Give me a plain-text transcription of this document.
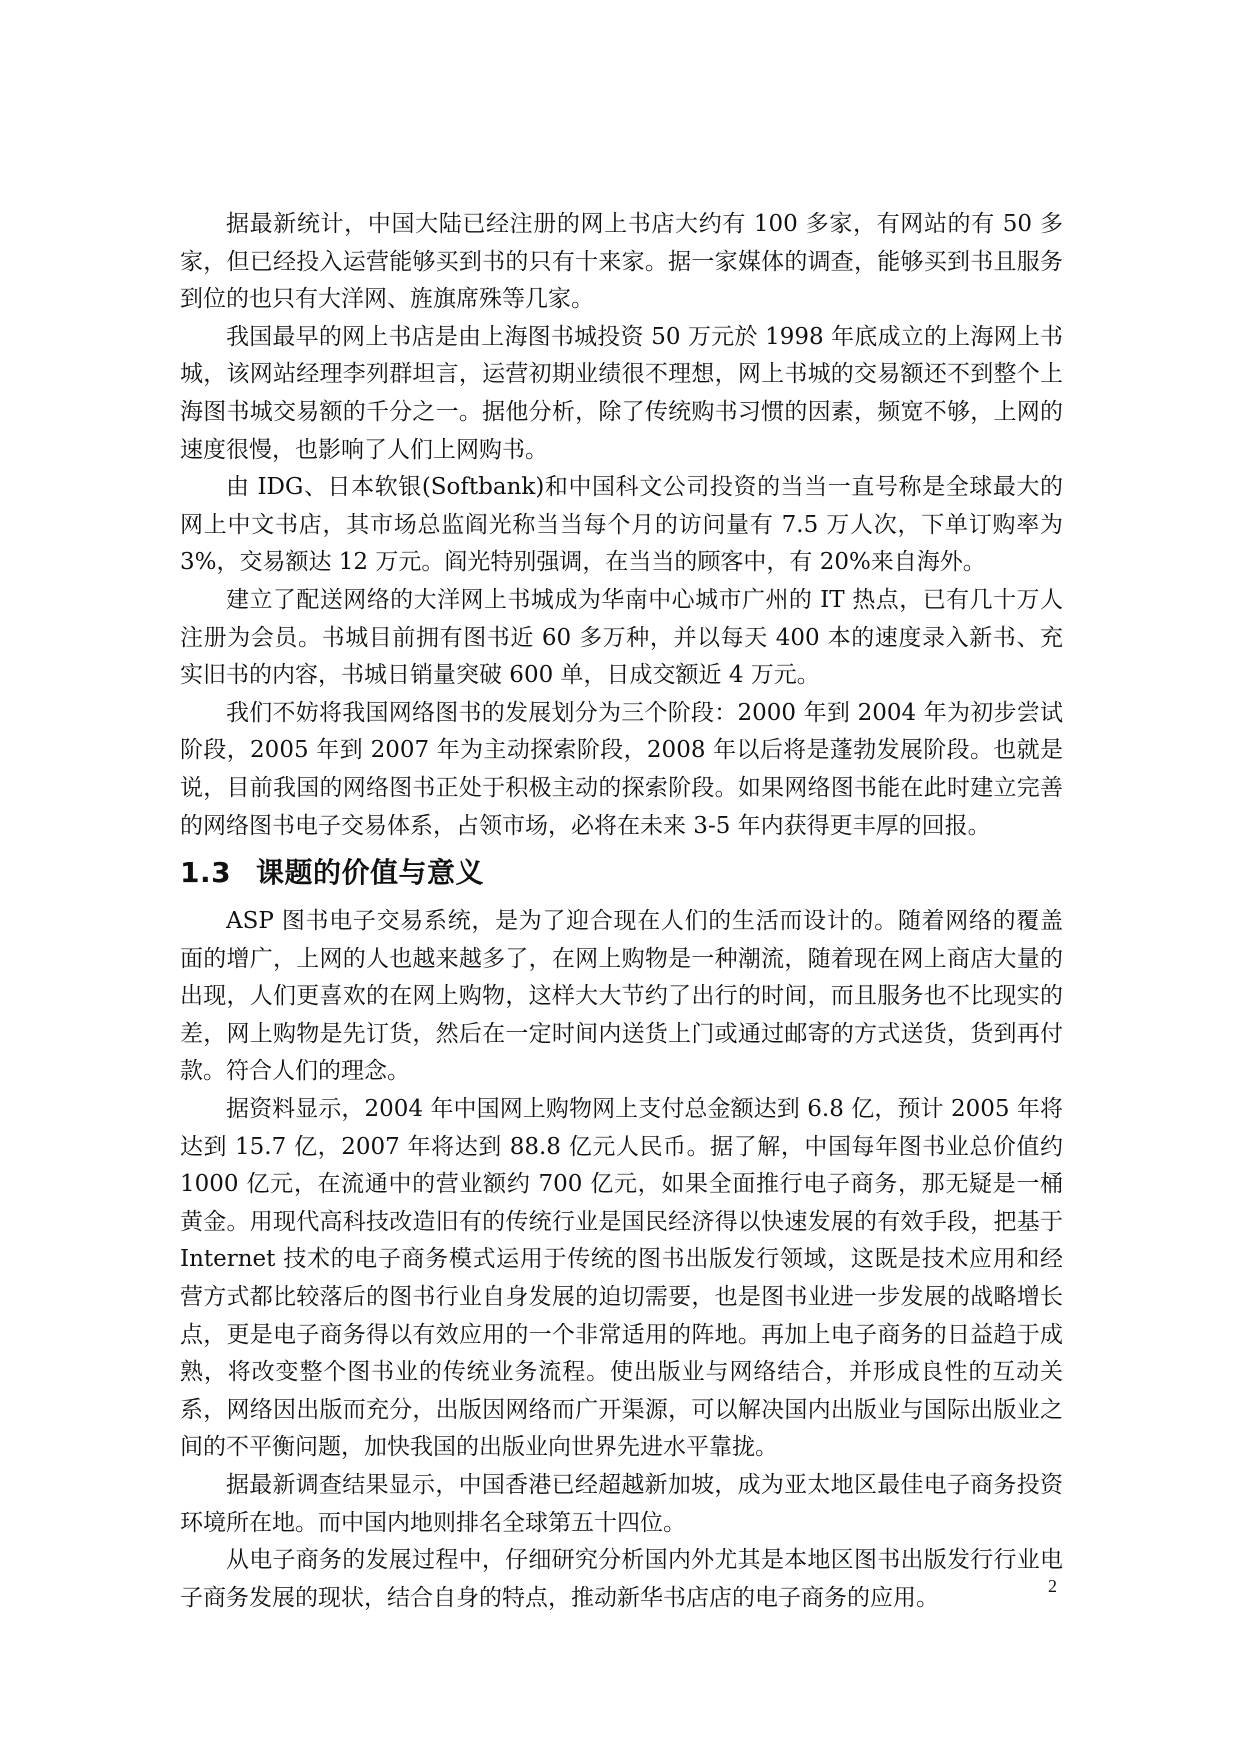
据最新统计，中国大陆已经注册的网上书店大约有 100 多家，有网站的有 50 多家，但已经投入运营能够买到书的只有十来家。据一家媒体的调查，能够买到书且服务到位的也只有大洋网、旌旗席殊等几家。

我国最早的网上书店是由上海图书城投资 50 万元於 1998 年底成立的上海网上书城，该网站经理李列群坦言，运营初期业绩很不理想，网上书城的交易额还不到整个上海图书城交易额的千分之一。据他分析，除了传统购书习惯的因素，频宽不够，上网的速度很慢，也影响了人们上网购书。

由 IDG、日本软银(Softbank)和中国科文公司投资的当当一直号称是全球最大的网上中文书店，其市场总监阎光称当当每个月的访问量有 7.5 万人次，下单订购率为 3%，交易额达 12 万元。阎光特别强调，在当当的顾客中，有 20%来自海外。

建立了配送网络的大洋网上书城成为华南中心城市广州的 IT 热点，已有几十万人注册为会员。书城目前拥有图书近 60 多万种，并以每天 400 本的速度录入新书、充实旧书的内容，书城日销量突破 600 单，日成交额近 4 万元。

我们不妨将我国网络图书的发展划分为三个阶段：2000 年到 2004 年为初步尝试阶段，2005 年到 2007 年为主动探索阶段，2008 年以后将是蓬勃发展阶段。也就是说，目前我国的网络图书正处于积极主动的探索阶段。如果网络图书能在此时建立完善的网络图书电子交易体系，占领市场，必将在未来 3-5 年内获得更丰厚的回报。

1.3 课题的价值与意义

ASP 图书电子交易系统，是为了迎合现在人们的生活而设计的。随着网络的覆盖面的增广，上网的人也越来越多了，在网上购物是一种潮流，随着现在网上商店大量的出现，人们更喜欢的在网上购物，这样大大节约了出行的时间，而且服务也不比现实的差，网上购物是先订货，然后在一定时间内送货上门或通过邮寄的方式送货，货到再付款。符合人们的理念。

据资料显示，2004 年中国网上购物网上支付总金额达到 6.8 亿，预计 2005 年将达到 15.7 亿，2007 年将达到 88.8 亿元人民币。据了解，中国每年图书业总价值约 1000 亿元，在流通中的营业额约 700 亿元，如果全面推行电子商务，那无疑是一桶黄金。用现代高科技改造旧有的传统行业是国民经济得以快速发展的有效手段，把基于 Internet 技术的电子商务模式运用于传统的图书出版发行领域，这既是技术应用和经营方式都比较落后的图书行业自身发展的迫切需要，也是图书业进一步发展的战略增长点，更是电子商务得以有效应用的一个非常适用的阵地。再加上电子商务的日益趋于成熟，将改变整个图书业的传统业务流程。使出版业与网络结合，并形成良性的互动关系，网络因出版而充分，出版因网络而广开渠源，可以解决国内出版业与国际出版业之间的不平衡问题，加快我国的出版业向世界先进水平靠拢。

据最新调查结果显示，中国香港已经超越新加坡，成为亚太地区最佳电子商务投资环境所在地。而中国内地则排名全球第五十四位。

从电子商务的发展过程中，仔细研究分析国内外尤其是本地区图书出版发行行业电子商务发展的现状，结合自身的特点，推动新华书店店的电子商务的应用。	2
